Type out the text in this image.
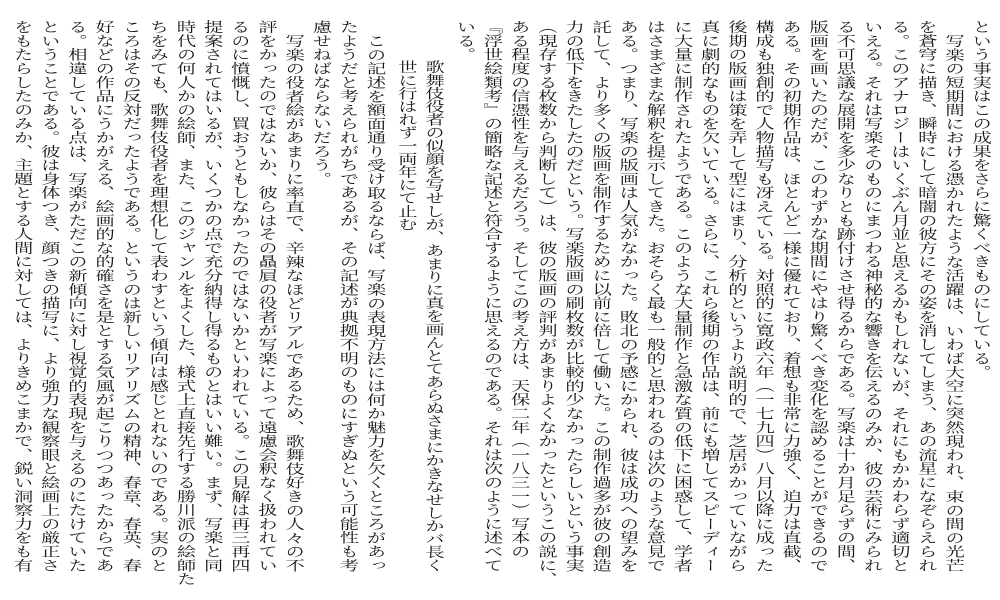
という事実はこの成果をさらに驚くべきものにしている。
写楽の短期間における憑かれたような活躍は、いわば大空に突然現われ、束の間の光芒
を蒼穹に描き、瞬時にして暗闇の彼方にその姿を消してしまう、あの流星になぞらえられ
る。このアナロジーはいくぶん月並と思えるかもしれないが、それにもかかわらず適切と
いえる。それは写楽そのものにまつわる神秘的な響きを伝えるのみか、彼の芸術にみられ
る不可思議な展開を多少なりとも跡付けさせ得るからである。写楽は十か月足らずの間、
版画を画いたのだが、このわずかな期間にやはり驚くべき変化を認めることができるので
ある。その初期作品は、ほとんど一様に優れており、着想も非常に力強く、迫力は直截、
構成も独創的で人物描写も冴えている。対照的に寛政六年（一七九四）八月以降に成った
後期の版画は策を弄して型にはまり、分析的というより説明的で、芝居がかっていながら
真に劇的なものを欠いている。さらに、これら後期の作品は、前にも増してスピーディー
に大量に制作されたようである。このような大量制作と急激な質の低下に困惑して、学者
はさまざまな解釈を提示してきた。おそらく最も一般的と思われるのは次のような意見で
ある。つまり、写楽の版画は人気がなかった。敗北の予感にかられ、彼は成功への望みを
託して、より多くの版画を制作するために以前に倍して働いた。この制作過多が彼の創造
力の低下をきたしたのだという。写楽版画の刷枚数が比較的少なかったらしいという事実
（現存する枚数から判断して）は、彼の版画の評判があまりよくなかったというこの説に、
ある程度の信憑性を与えるだろう。そしてこの考え方は、天保二年（一八三一）写本の
『浮世絵類考』の簡略な記述と符合するように思えるのである。それは次のように述べて
いる。
歌舞伎役者の似顔を写せしが、あまりに真を画んとてあらぬさまにかきなせしかバ長く
世に行はれず一両年にて止む
この記述を額面通り受け取るならば、写楽の表現方法には何か魅力を欠くところがあっ
たようだと考えられがちであるが、その記述が典拠不明のものにすぎぬという可能性も考
慮せねばならないだろう。
写楽の役者絵があまりに率直で、辛辣なほどリアルであるため、歌舞伎好きの人々の不
評をかったのではないか、彼らはその贔屓の役者が写楽によって遠慮会釈なく扱われてい
るのに憤慨し、買おうともしなかったのではないかといわれている。この見解は再三再四
提案されてはいるが、いくつかの点で充分納得し得るものとはいい難い。まず、写楽と同
時代の何人かの絵師、また、このジャンルをよくした、様式上直接先行する勝川派の絵師た
ちをみても、歌舞伎役者を理想化して表わすという傾向は感じとれないのである。実のと
ころはその反対だったようである。というのは新しいリアリズムの精神、春章、春英、春
好などの作品にうかがえる、絵画的な的確さを是とする気風が起こりつつあったからであ
る。相違している点は、写楽がただこの新傾向に対し視覚的表現を与えるのにたけていた
ということである。彼は身体つき、顔つきの描写に、より強力な観察眼と絵画上の厳正さ
をもたらしたのみか、主題とする人間に対しては、よりきめこまかで、鋭い洞察力をも有
